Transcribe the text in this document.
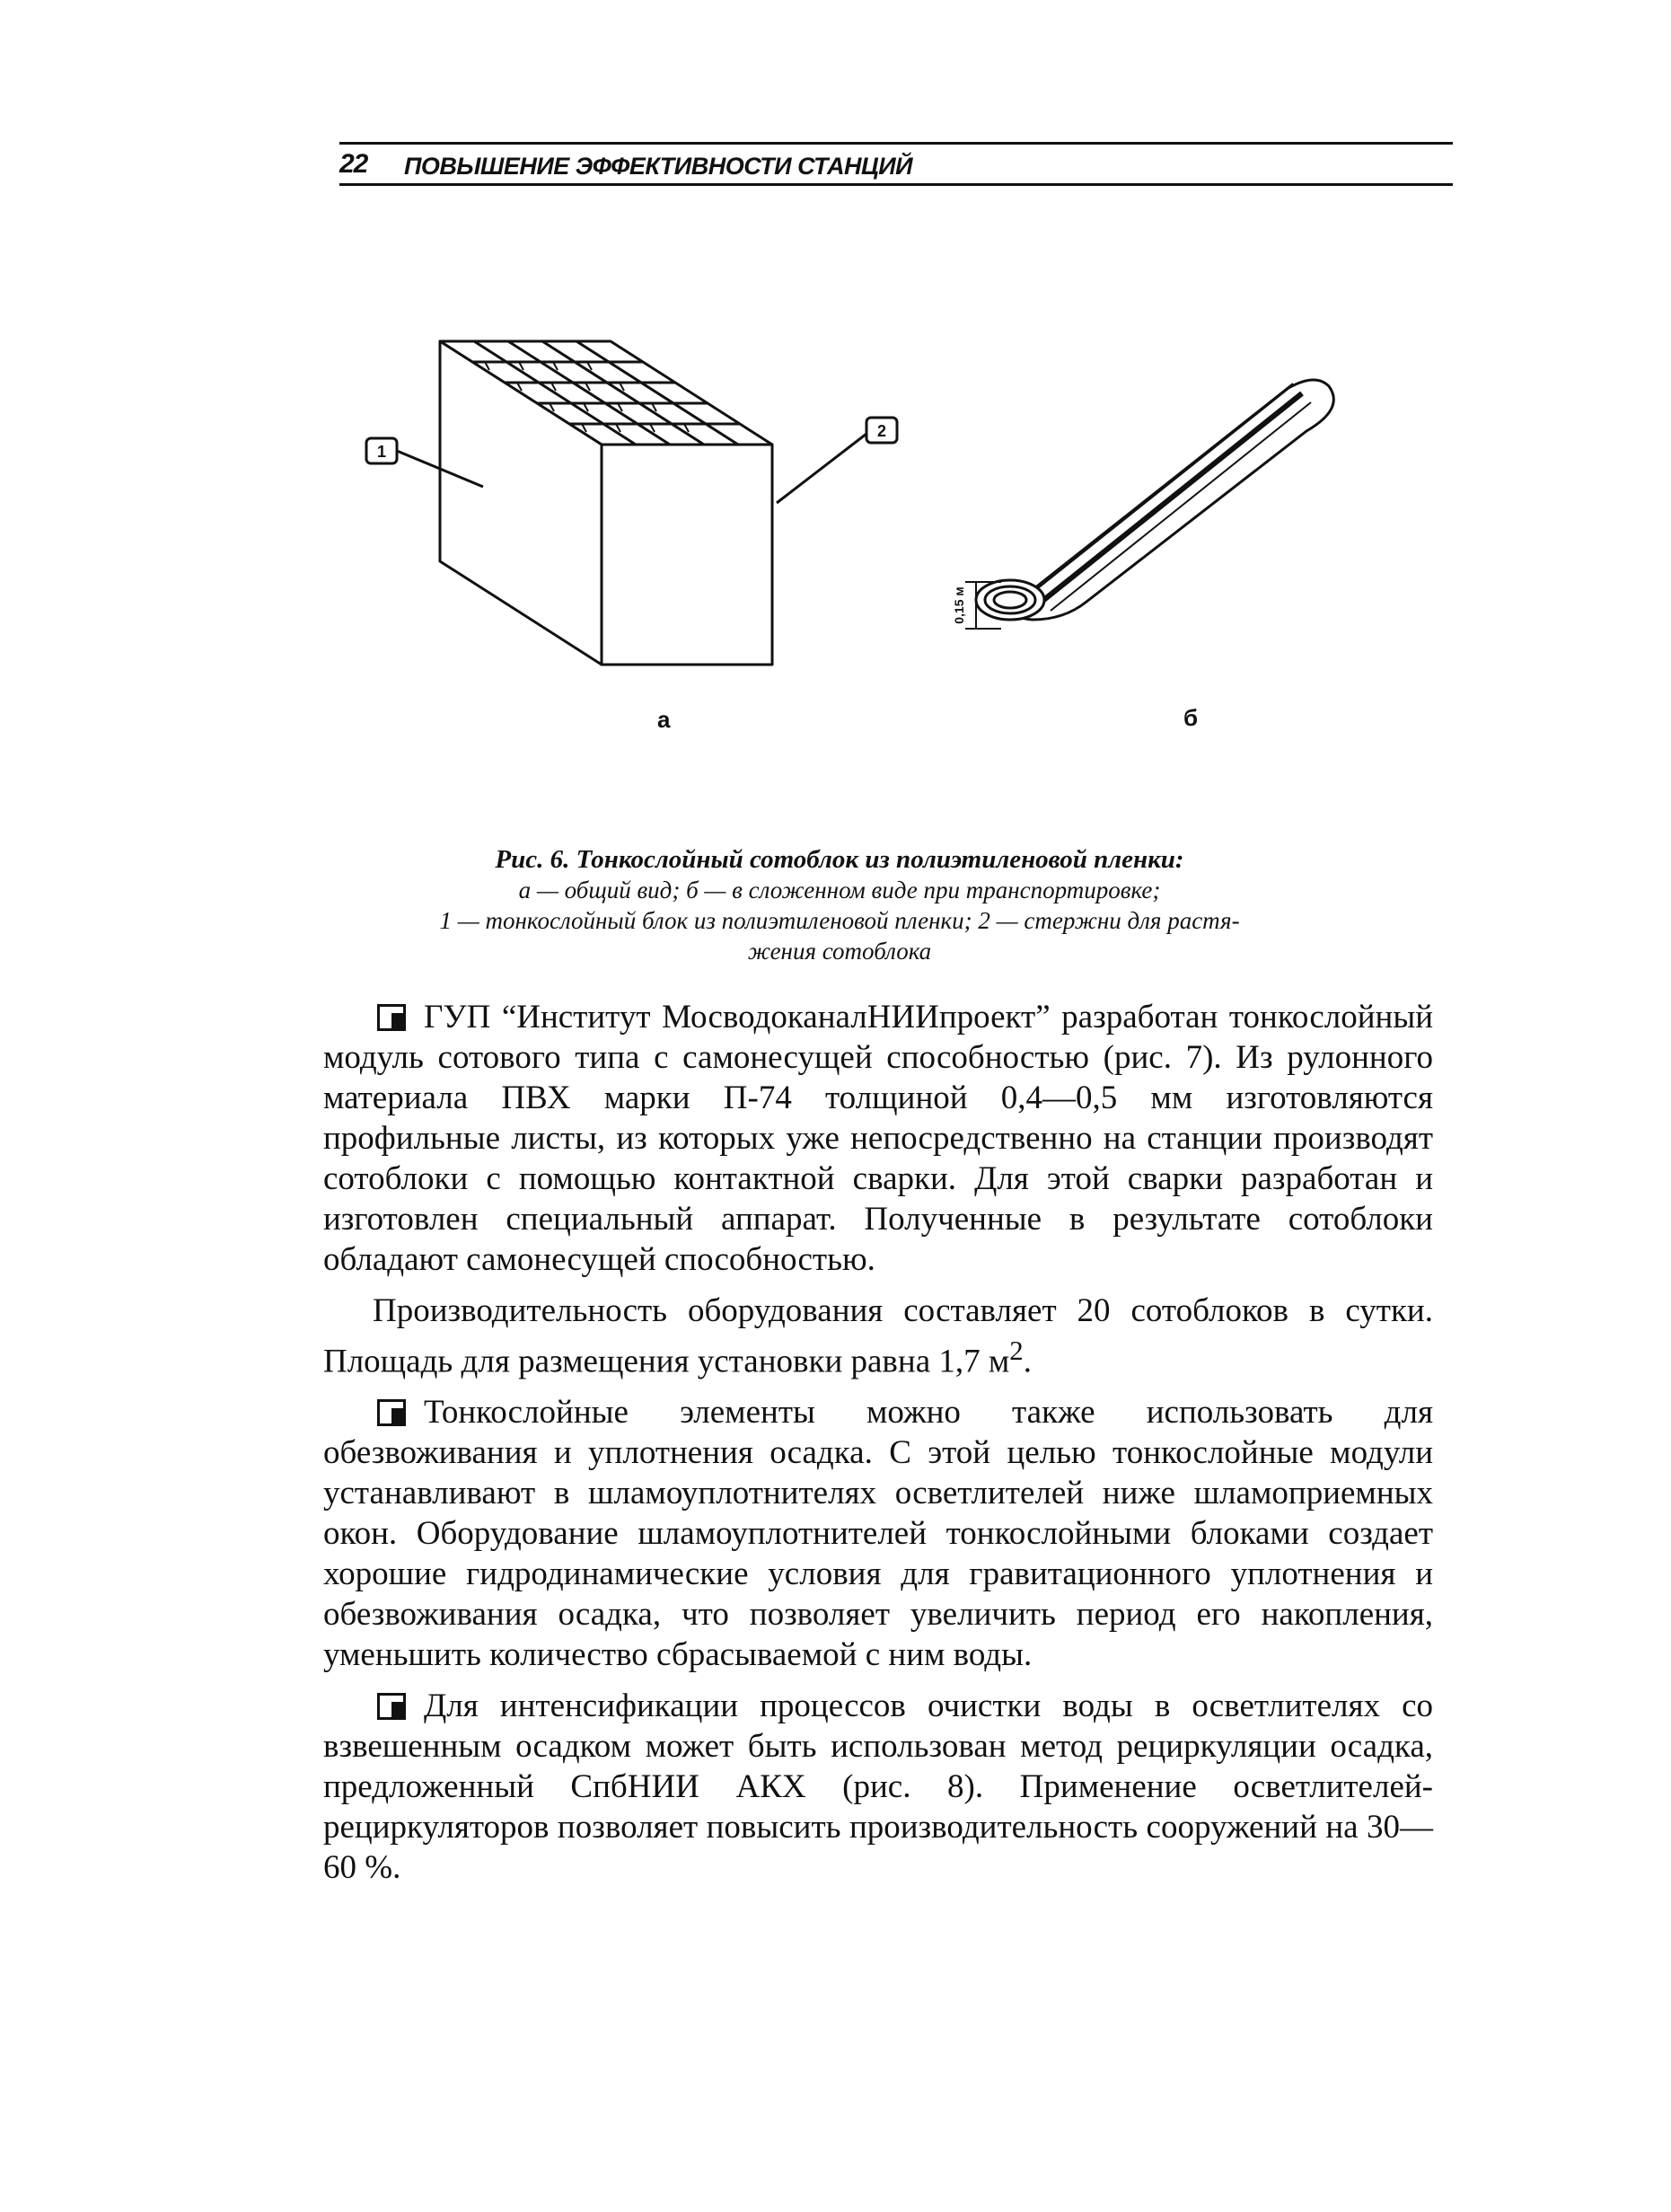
22 ПОВЫШЕНИЕ ЭФФЕКТИВНОСТИ СТАНЦИЙ
1
2
0,15 м
а	б
Рис. 6. Тонкослойный сотоблок из полиэтиленовой пленки:
а — общий вид; б — в сложенном виде при транспортировке;
1 — тонкослойный блок из полиэтиленовой пленки; 2 — стержни для растя-
жения сотоблока

ГУП “Институт МосводоканалНИИпроект” разработан тонкослойный модуль сотового типа с самонесущей способностью (рис. 7). Из рулонного материала ПВХ марки П-74 толщиной 0,4—0,5 мм изготовляются профильные листы, из которых уже непосредственно на станции производят сотоблоки с помощью контактной сварки. Для этой сварки разработан и изготовлен специальный аппарат. Полученные в результате сотоблоки обладают самонесущей способностью.

Производительность оборудования составляет 20 сотоблоков в сутки. Площадь для размещения установки равна 1,7 $м^2$.

Тонкослойные элементы можно также использовать для обезвоживания и уплотнения осадка. С этой целью тонкослойные модули устанавливают в шламоуплотнителях осветлителей ниже шламоприемных окон. Оборудование шламоуплотнителей тонкослойными блоками создает хорошие гидродинамические условия для гравитационного уплотнения и обезвоживания осадка, что позволяет увеличить период его накопления, уменьшить количество сбрасываемой с ним воды.

Для интенсификации процессов очистки воды в осветлителях со взвешенным осадком может быть использован метод рециркуляции осадка, предложенный СпбНИИ АКХ (рис. 8). Применение осветлителей-рециркуляторов позволяет повысить производительность сооружений на 30—60 %.
